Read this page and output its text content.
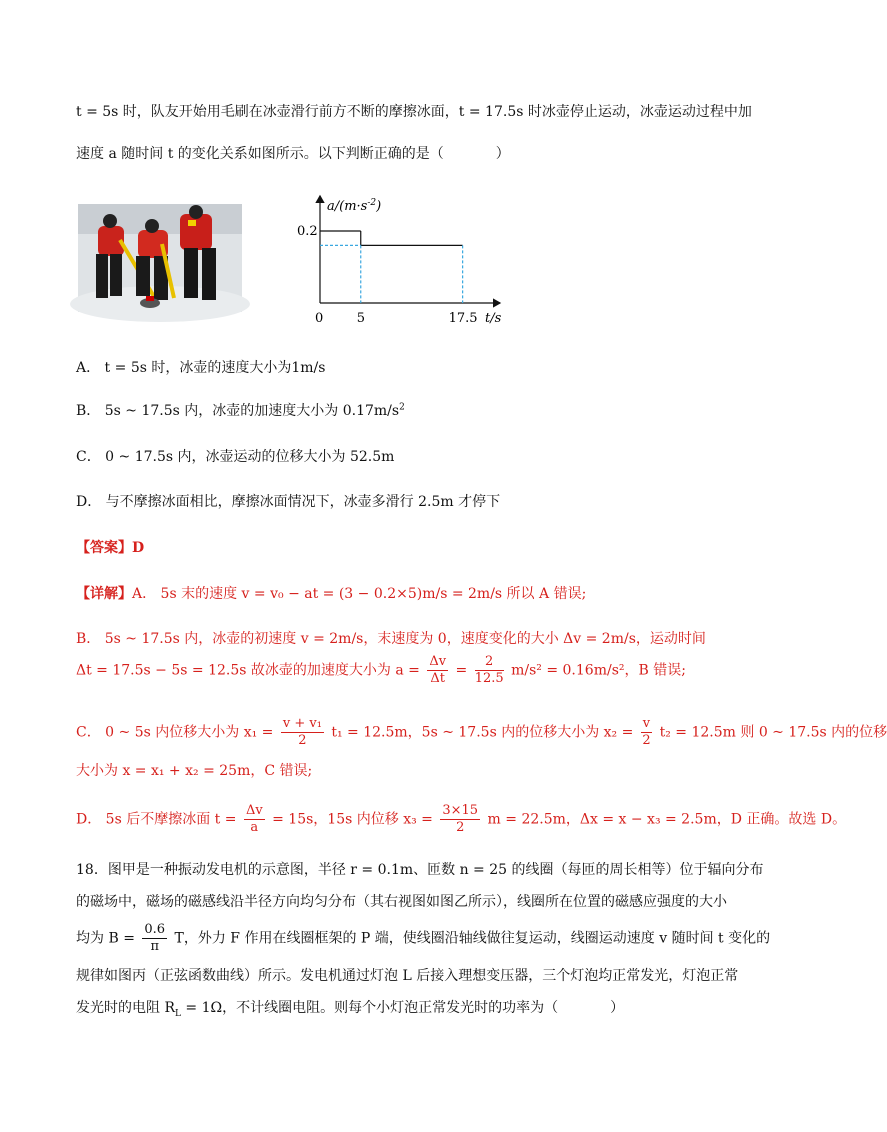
t = 5s 时，队友开始用毛刷在冰壶滑行前方不断的摩擦冰面，t = 17.5s 时冰壶停止运动，冰壶运动过程中加
速度 a 随时间 t 的变化关系如图所示。以下判断正确的是（	）
$a/(m\cdot s^{-2})$
0.2
0	5	17.5 t/s
A． t = 5s 时，冰壶的速度大小为1m/s
B． 5s ~ 17.5s 内，冰壶的加速度大小为 $0.17m/s^2$
C． 0 ~ 17.5s 内，冰壶运动的位移大小为 52.5m
D． 与不摩擦冰面相比，摩擦冰面情况下，冰壶多滑行 2.5m 才停下
【答案】D
【详解】A． 5s 末的速度 v = v₀ − at = (3 − 0.2×5)m/s = 2m/s 所以 A 错误;
B． 5s ~ 17.5s 内，冰壶的初速度 v = 2m/s，末速度为 0，速度变化的大小 Δv = 2m/s，运动时间
Δt = 17.5s − 5s = 12.5s 故冰壶的加速度大小为 $a = \frac{\Delta v}{\Delta t} = \frac{2}{12.5} m/s^2 = 0.16m/s^2$，B 错误;
C． 0 ~ 5s 内位移大小为 $x_1 = \frac{\text{v + v₁}}{2} t_1 = 12.5m$，5s ~ 17.5s 内的位移大小为 $x_2 = \frac{v}{2} t_2 = 12.5m$ 则 0 ~ 17.5s 内的位移
大小为 x = x₁ + x₂ = 25m，C 错误;
D． 5s 后不摩擦冰面 $t = \frac{\Delta v}{a} = 15s$，15s 内位移 $x_3 = \frac{3\times 15}{2}$ m = 22.5m，Δx = x − x₃ = 2.5m，D 正确。故选 D。
18．图甲是一种振动发电机的示意图，半径 r = 0.1m、匝数 n = 25 的线圈（每匝的周长相等）位于辐向分布
的磁场中，磁场的磁感线沿半径方向均匀分布（其右视图如图乙所示），线圈所在位置的磁感应强度的大小
均为 $B = \frac{0.6}{\pi}$ T，外力 F 作用在线圈框架的 P 端，使线圈沿轴线做往复运动，线圈运动速度 v 随时间 t 变化的
规律如图丙（正弦函数曲线）所示。发电机通过灯泡 L 后接入理想变压器，三个灯泡均正常发光，灯泡正常
发光时的电阻 $R_L = 1\Omega$，不计线圈电阻。则每个小灯泡正常发光时的功率为（	）
